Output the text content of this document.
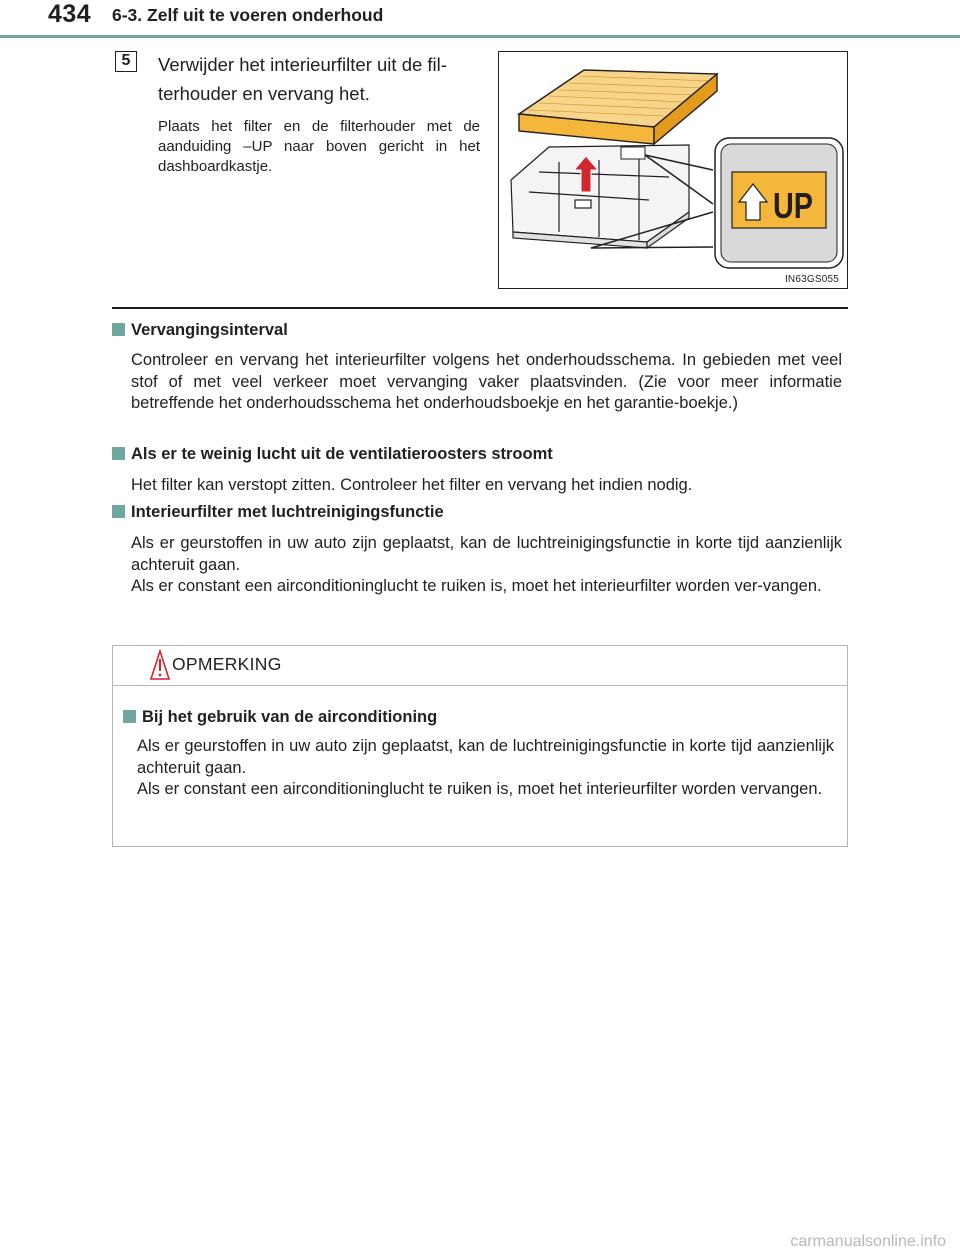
434 6-3. Zelf uit te voeren onderhoud
5	Verwijder het interieurfilter uit de fil-
terhouder en vervang het.
Plaats het filter en de filterhouder met de aanduiding –UP naar boven gericht in het dashboardkastje.
UP
IN63GS055
Vervangingsinterval
Controleer en vervang het interieurfilter volgens het onderhoudsschema. In gebieden met veel stof of met veel verkeer moet vervanging vaker plaatsvinden. (Zie voor meer informatie betreffende het onderhoudsschema het onderhoudsboekje en het garantie-boekje.)
Als er te weinig lucht uit de ventilatieroosters stroomt
Het filter kan verstopt zitten. Controleer het filter en vervang het indien nodig.
Interieurfilter met luchtreinigingsfunctie
Als er geurstoffen in uw auto zijn geplaatst, kan de luchtreinigingsfunctie in korte tijd aanzienlijk achteruit gaan.
Als er constant een airconditioninglucht te ruiken is, moet het interieurfilter worden ver-vangen.
OPMERKING
Bij het gebruik van de airconditioning
Als er geurstoffen in uw auto zijn geplaatst, kan de luchtreinigingsfunctie in korte tijd aanzienlijk achteruit gaan.
Als er constant een airconditioninglucht te ruiken is, moet het interieurfilter worden vervangen.
carmanualsonline.info
